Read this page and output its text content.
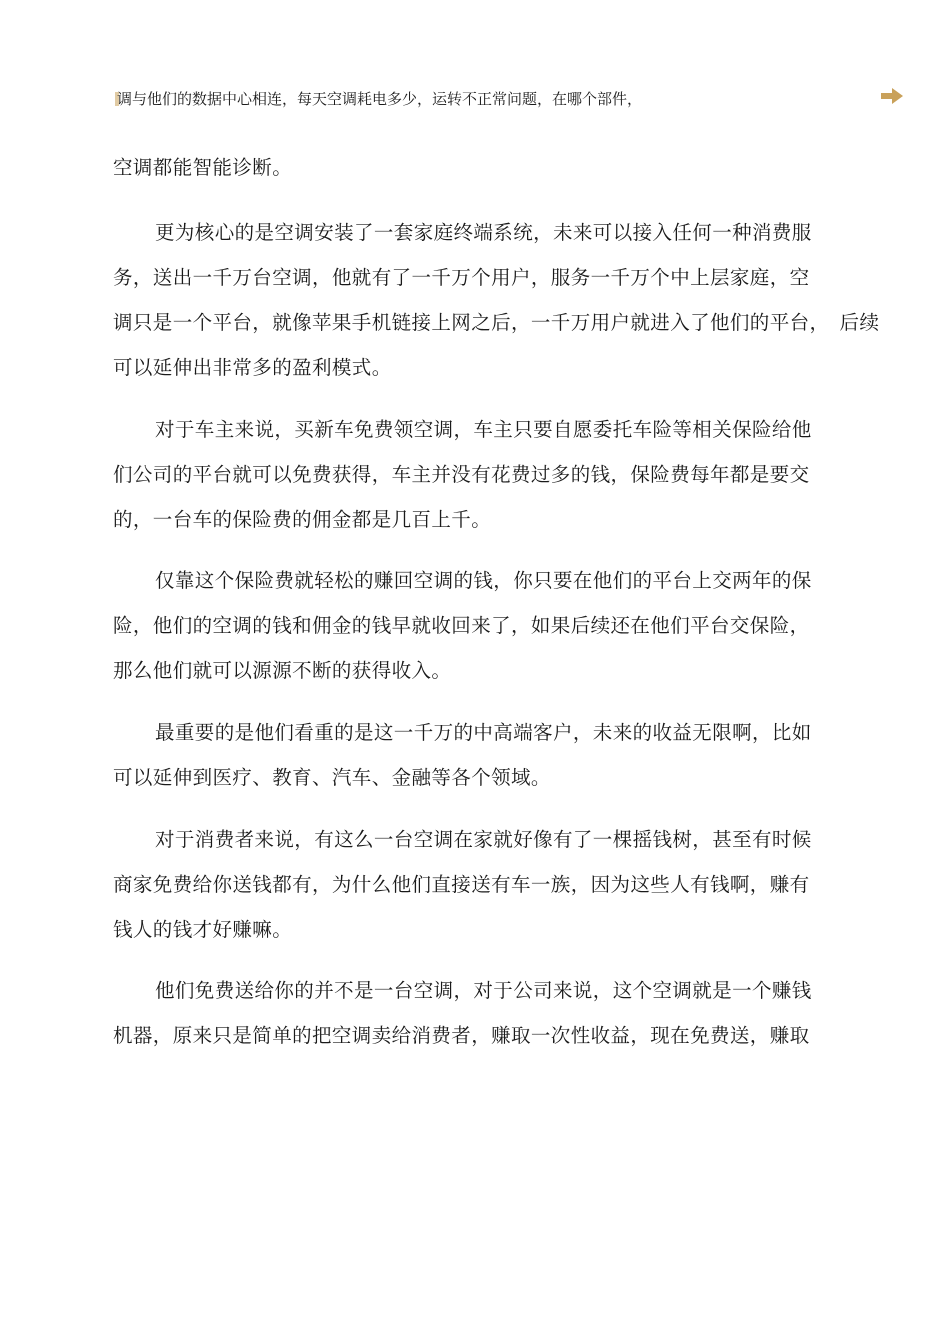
调与他们的数据中心相连，每天空调耗电多少，运转不正常问题，在哪个部件，

空调都能智能诊断。

更为核心的是空调安装了一套家庭终端系统，未来可以接入任何一种消费服
务，送出一千万台空调，他就有了一千万个用户，服务一千万个中上层家庭，空
调只是一个平台，就像苹果手机链接上网之后，一千万用户就进入了他们的平台，　后续
可以延伸出非常多的盈利模式。

对于车主来说，买新车免费领空调，车主只要自愿委托车险等相关保险给他
们公司的平台就可以免费获得，车主并没有花费过多的钱，保险费每年都是要交
的，一台车的保险费的佣金都是几百上千。

仅靠这个保险费就轻松的赚回空调的钱，你只要在他们的平台上交两年的保
险，他们的空调的钱和佣金的钱早就收回来了，如果后续还在他们平台交保险，
那么他们就可以源源不断的获得收入。

最重要的是他们看重的是这一千万的中高端客户，未来的收益无限啊，比如
可以延伸到医疗、教育、汽车、金融等各个领域。

对于消费者来说，有这么一台空调在家就好像有了一棵摇钱树，甚至有时候
商家免费给你送钱都有，为什么他们直接送有车一族，因为这些人有钱啊，赚有
钱人的钱才好赚嘛。

他们免费送给你的并不是一台空调，对于公司来说，这个空调就是一个赚钱
机器，原来只是简单的把空调卖给消费者，赚取一次性收益，现在免费送，赚取
